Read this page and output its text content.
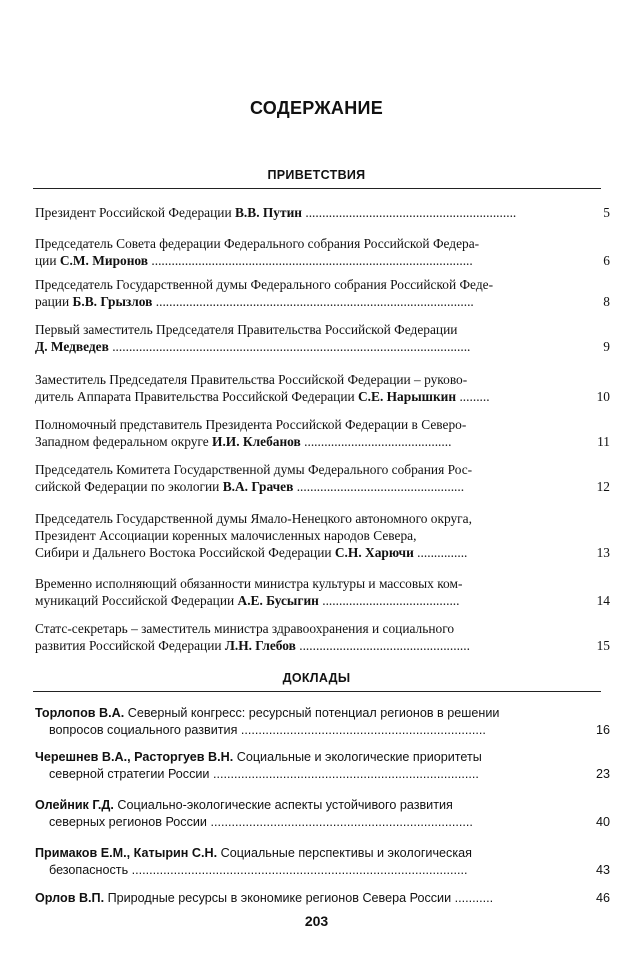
СОДЕРЖАНИЕ
ПРИВЕТСТВИЯ
ДОКЛАДЫ
Президент Российской Федерации В.В. Путин ...............................................................	5
Председатель Совета федерации Федерального собрания Российской Федера-
ции С.М. Миронов ................................................................................................	6
Председатель Государственной думы Федерального собрания Российской Феде-
рации Б.В. Грызлов ...............................................................................................	8
Первый заместитель Председателя Правительства Российской Федерации
Д. Медведев ...........................................................................................................	9
Заместитель Председателя Правительства Российской Федерации – руково-
дитель Аппарата Правительства Российской Федерации С.Е. Нарышкин .........	10
Полномочный представитель Президента Российской Федерации в Северо-
Западном федеральном округе И.И. Клебанов ............................................	11
Председатель Комитета Государственной думы Федерального собрания Рос-
сийской Федерации по экологии В.А. Грачев ..................................................	12
Председатель Государственной думы Ямало-Ненецкого автономного округа,
Президент Ассоциации коренных малочисленных народов Севера,
Сибири и Дальнего Востока Российской Федерации С.Н. Харючи ...............	13
Временно исполняющий обязанности министра культуры и массовых ком-
муникаций Российской Федерации А.Е. Бусыгин .........................................	14
Статс-секретарь – заместитель министра здравоохранения и социального
развития Российской Федерации Л.Н. Глебов ...................................................	15
Торлопов В.А. Северный конгресс: ресурсный потенциал регионов в решении
вопросов социального развития ......................................................................	16
Черешнев В.А., Расторгуев В.Н. Социальные и экологические приоритеты
северной стратегии России ............................................................................	23
Олейник Г.Д. Социально-экологические аспекты устойчивого развития
северных регионов России ...........................................................................	40
Примаков Е.М., Катырин С.Н. Социальные перспективы и экологическая
безопасность ................................................................................................	43
Орлов В.П. Природные ресурсы в экономике регионов Севера России ...........	46
203
